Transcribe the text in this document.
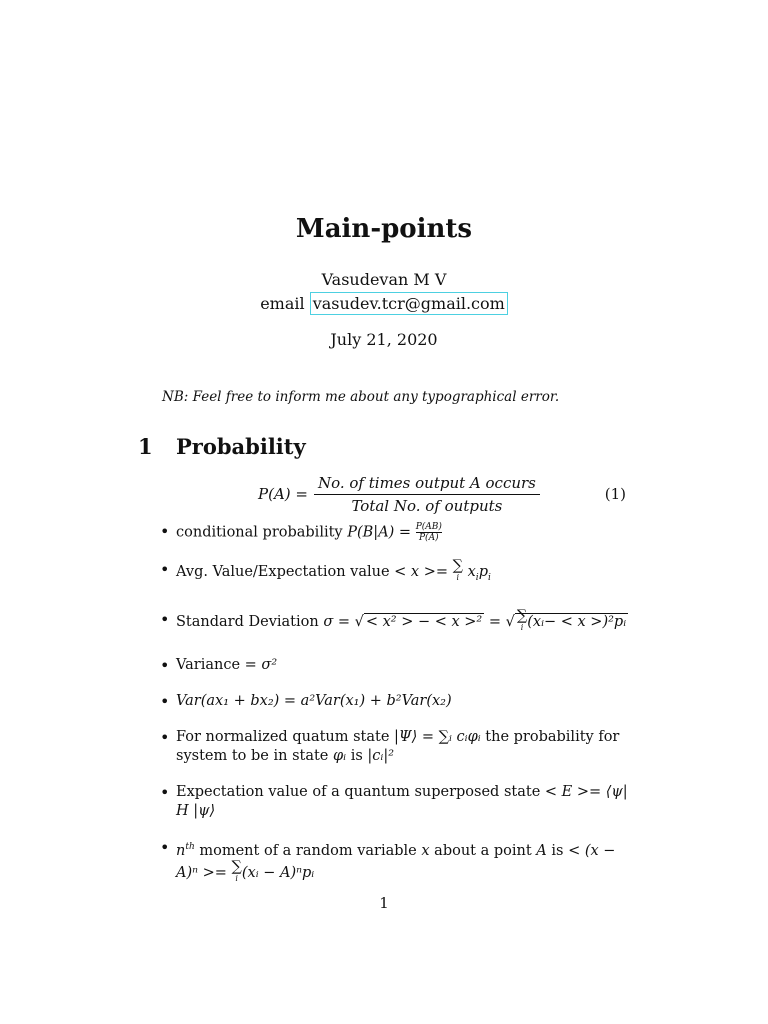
Main-points
Vasudevan M V
email vasudev.tcr@gmail.com
July 21, 2020
NB: Feel free to inform me about any typographical error.
1 Probability
$P(A) = \frac{\text{No. of times output A occurs}}{\text{Total No. of outputs}}$	(1)
• conditional probability $P(B|A) = \frac{P(AB)}{P(A)}$
• Avg. Value/Expectation value < x >= ∑
i $x_ip_i$
• Standard Deviation σ = √ < x² > − < x >² = √ ∑
i (xᵢ− < x >)²pᵢ
• Variance = σ²
• Var(ax₁ + bx₂) = a²Var(x₁) + b²Var(x₂)
• For normalized quatum state |Ψ⟩ = ∑ᵢ cᵢφᵢ the probability for system to be in state φᵢ is |cᵢ|²
• Expectation value of a quantum superposed state < E >= ⟨ψ| H |ψ⟩
• $n^{th}$ moment of a random variable x about a point A is < (x − A)ⁿ >= ∑
i (xᵢ − A)ⁿpᵢ
1
